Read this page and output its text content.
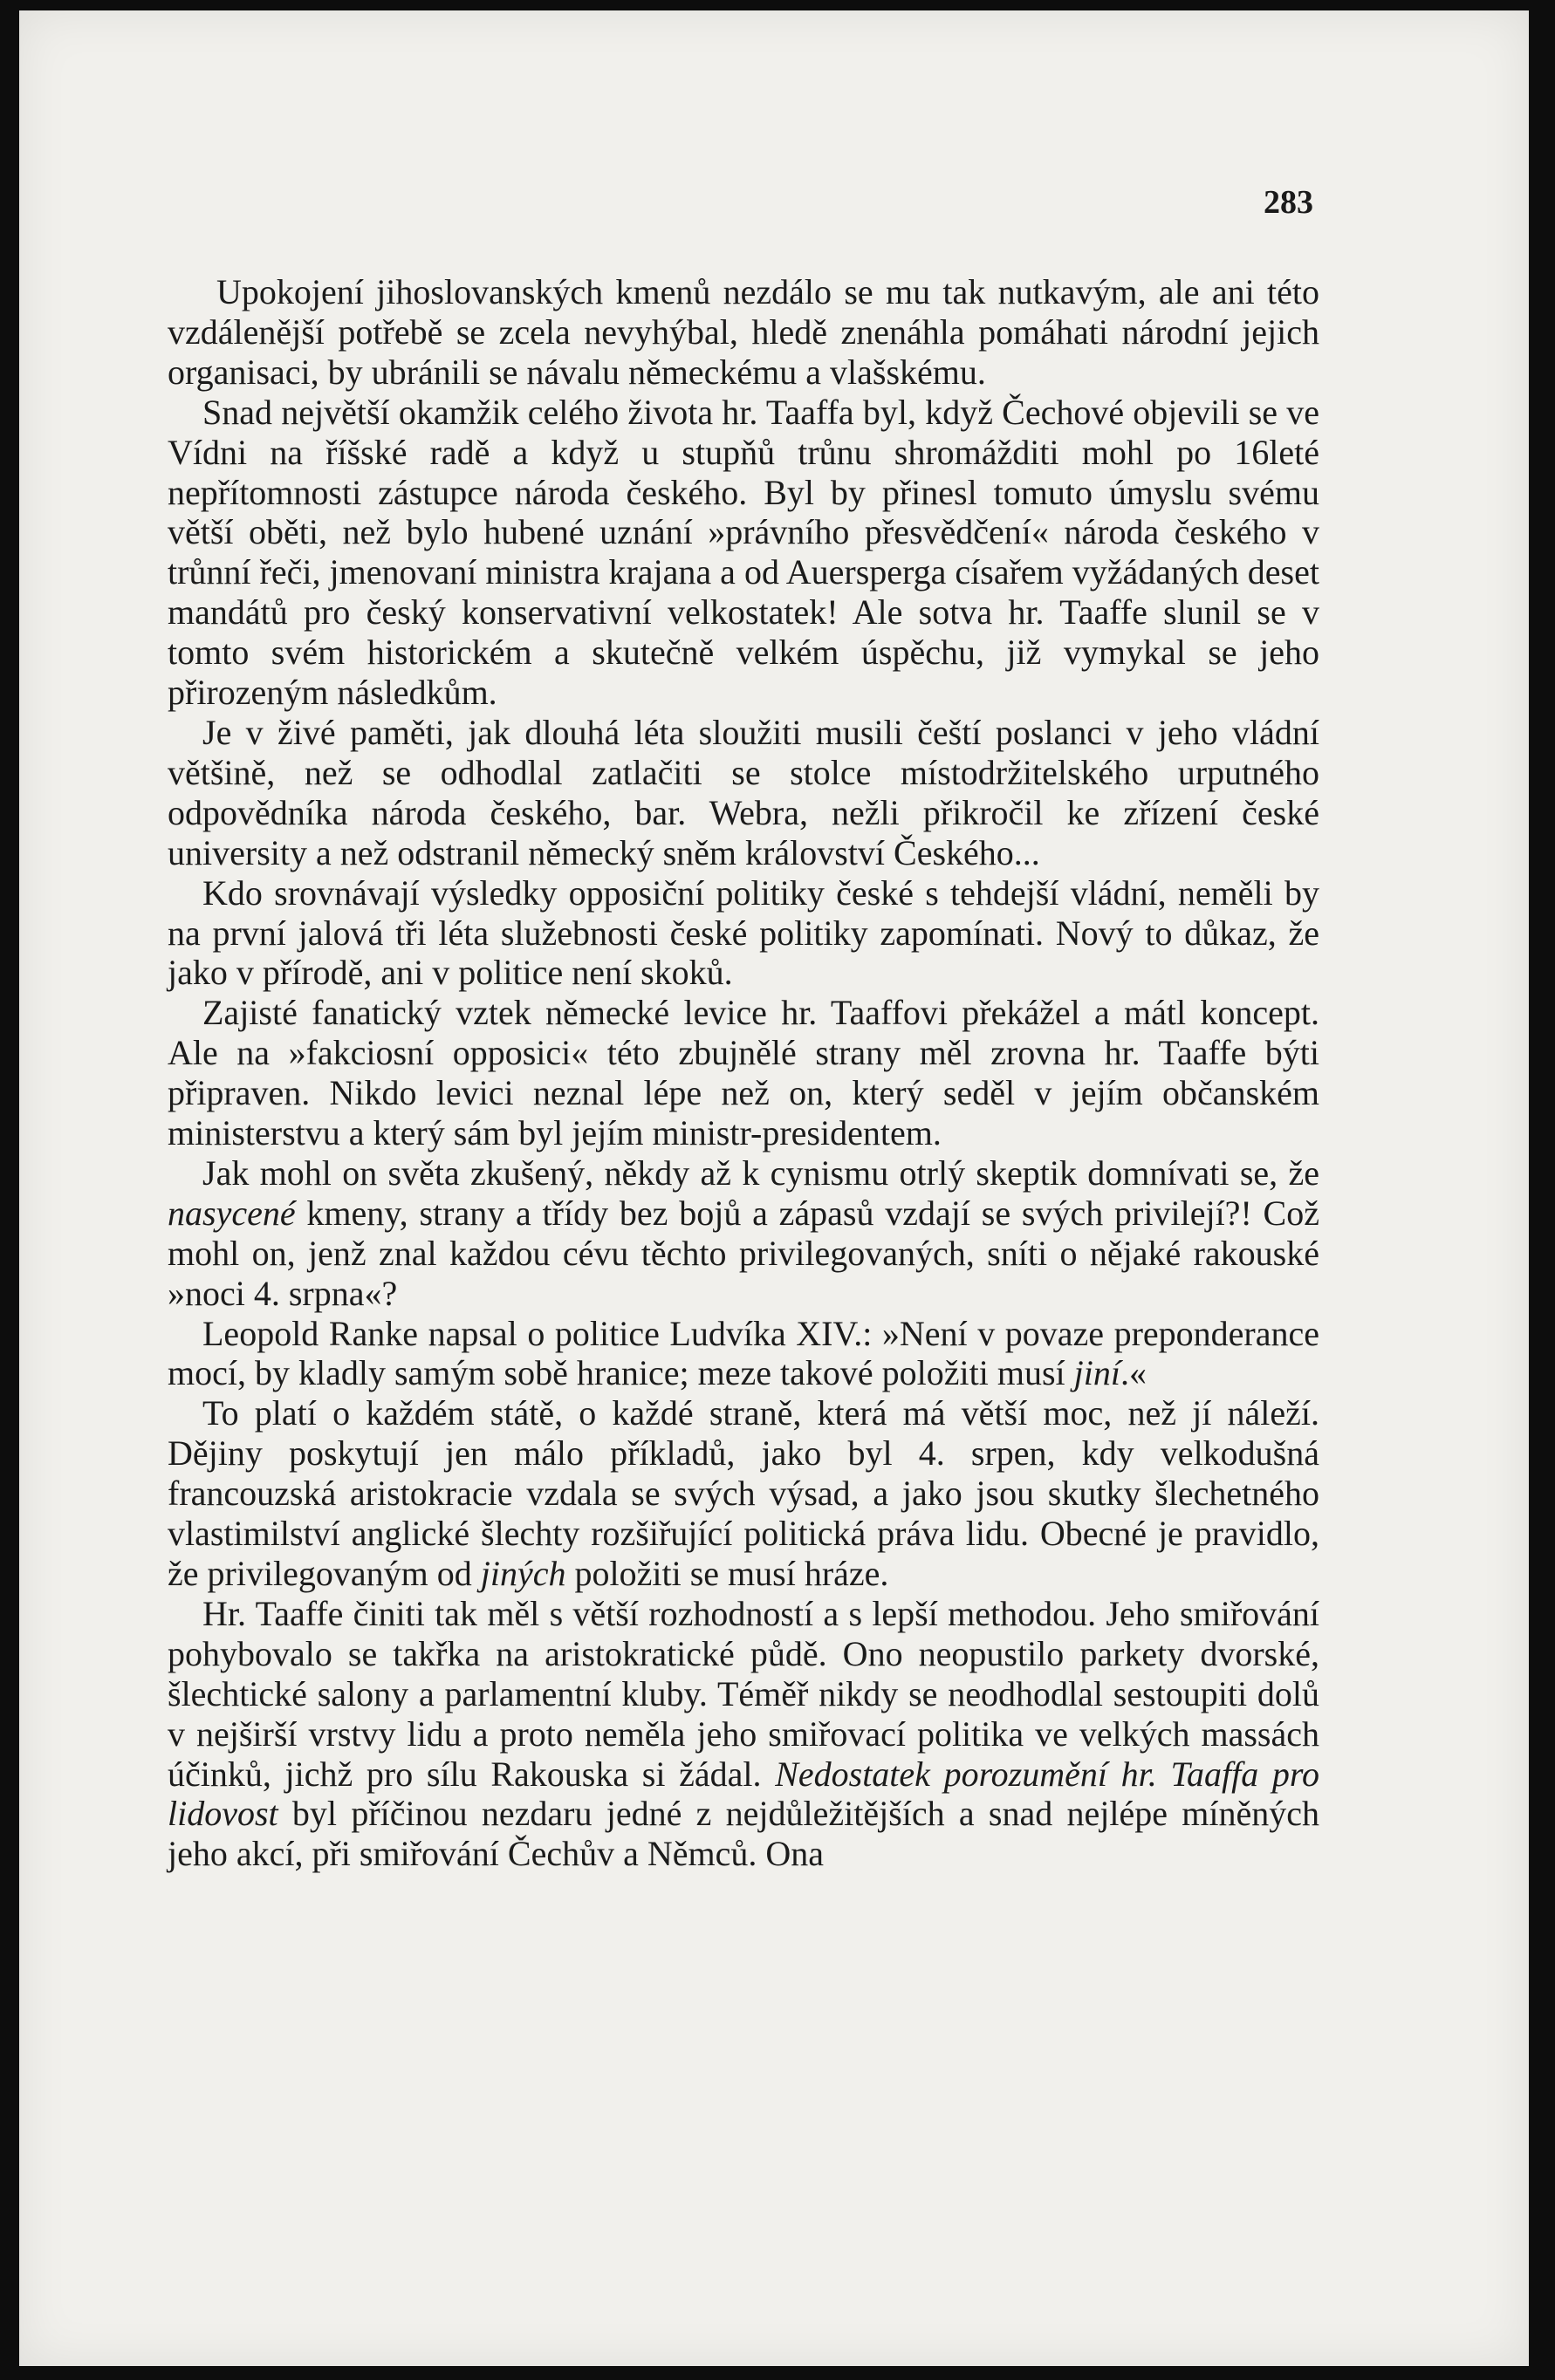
283

Upokojení jihoslovanských kmenů nezdálo se mu tak nutkavým, ale ani této vzdálenější potřebě se zcela nevyhýbal, hledě znenáhla pomáhati národní jejich organisaci, by ubránili se návalu německému a vlašskému.

Snad největší okamžik celého života hr. Taaffa byl, když Čechové objevili se ve Vídni na říšské radě a když u stupňů trůnu shromážditi mohl po 16leté nepřítomnosti zástupce národa českého. Byl by přinesl tomuto úmyslu svému větší oběti, než bylo hubené uznání »právního přesvědčení« národa českého v trůnní řeči, jmenovaní ministra krajana a od Auersperga císařem vyžádaných deset mandátů pro český konservativní velkostatek! Ale sotva hr. Taaffe slunil se v tomto svém historickém a skutečně velkém úspěchu, již vymykal se jeho přirozeným následkům.

Je v živé paměti, jak dlouhá léta sloužiti musili čeští poslanci v jeho vládní většině, než se odhodlal zatlačiti se stolce místodržitelského urputného odpovědníka národa českého, bar. Webra, nežli přikročil ke zřízení české university a než odstranil německý sněm království Českého...

Kdo srovnávají výsledky opposiční politiky české s tehdejší vládní, neměli by na první jalová tři léta služebnosti české politiky zapomínati. Nový to důkaz, že jako v přírodě, ani v politice není skoků.

Zajisté fanatický vztek německé levice hr. Taaffovi překážel a mátl koncept. Ale na »fakciosní opposici« této zbujnělé strany měl zrovna hr. Taaffe býti připraven. Nikdo levici neznal lépe než on, který seděl v jejím občanském ministerstvu a který sám byl jejím ministr-presidentem.

Jak mohl on světa zkušený, někdy až k cynismu otrlý skeptik domnívati se, že nasycené kmeny, strany a třídy bez bojů a zápasů vzdají se svých privilejí?! Což mohl on, jenž znal každou cévu těchto privilegovaných, sníti o nějaké rakouské »noci 4. srpna«?

Leopold Ranke napsal o politice Ludvíka XIV.: »Není v povaze preponderance mocí, by kladly samým sobě hranice; meze takové položiti musí jiní.«

To platí o každém státě, o každé straně, která má větší moc, než jí náleží. Dějiny poskytují jen málo příkladů, jako byl 4. srpen, kdy velkodušná francouzská aristokracie vzdala se svých výsad, a jako jsou skutky šlechetného vlastimilství anglické šlechty rozšiřující politická práva lidu. Obecné je pravidlo, že privilegovaným od jiných položiti se musí hráze.

Hr. Taaffe činiti tak měl s větší rozhodností a s lepší methodou. Jeho smiřování pohybovalo se takřka na aristokratické půdě. Ono neopustilo parkety dvorské, šlechtické salony a parlamentní kluby. Téměř nikdy se neodhodlal sestoupiti dolů v nejširší vrstvy lidu a proto neměla jeho smiřovací politika ve velkých massách účinků, jichž pro sílu Rakouska si žádal. Nedostatek porozumění hr. Taaffa pro lidovost byl příčinou nezdaru jedné z nejdůležitějších a snad nejlépe míněných jeho akcí, při smiřování Čechův a Němců. Ona
